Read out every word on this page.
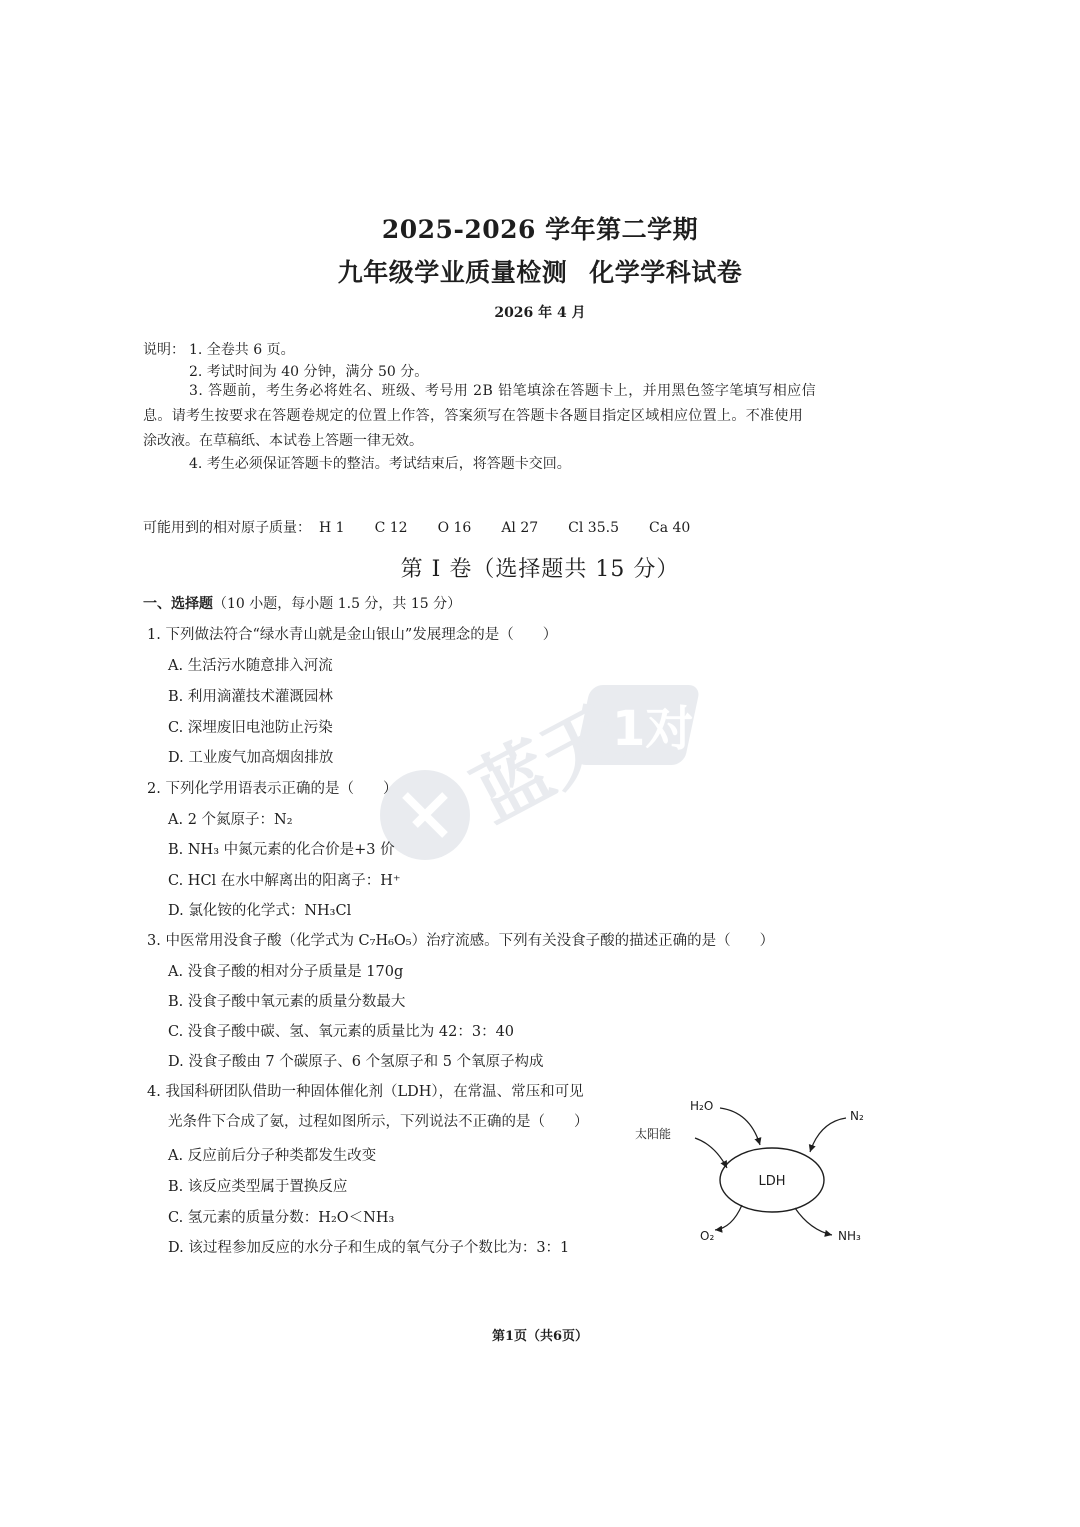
2025-2026 学年第二学期
九年级学业质量检测 化学学科试卷
2026 年 4 月
说明： 1. 全卷共 6 页。
2. 考试时间为 40 分钟，满分 50 分。
3. 答题前，考生务必将姓名、班级、考号用 2B 铅笔填涂在答题卡上，并用黑色签字笔填写相应信
息。请考生按要求在答题卷规定的位置上作答，答案须写在答题卡各题目指定区域相应位置上。不准使用
涂改液。在草稿纸、本试卷上答题一律无效。
4. 考生必须保证答题卡的整洁。考试结束后，将答题卡交回。
可能用到的相对原子质量： H 1 C 12 O 16 Al 27 Cl 35.5 Ca 40
第 I 卷（选择题共 15 分）
一、选择题（10 小题，每小题 1.5 分，共 15 分）
1. 下列做法符合“绿水青山就是金山银山”发展理念的是（　　）
A. 生活污水随意排入河流
B. 利用滴灌技术灌溉园林
C. 深埋废旧电池防止污染
D. 工业废气加高烟囱排放
2. 下列化学用语表示正确的是（　　）
A. 2 个氮原子：N₂
B. NH₃ 中氮元素的化合价是+3 价
C. HCl 在水中解离出的阳离子：H⁺
D. 氯化铵的化学式：NH₃Cl
3. 中医常用没食子酸（化学式为 C₇H₆O₅）治疗流感。下列有关没食子酸的描述正确的是（　　）
A. 没食子酸的相对分子质量是 170g
B. 没食子酸中氧元素的质量分数最大
C. 没食子酸中碳、氢、氧元素的质量比为 42：3：40
D. 没食子酸由 7 个碳原子、6 个氢原子和 5 个氧原子构成
4. 我国科研团队借助一种固体催化剂（LDH），在常温、常压和可见
光条件下合成了氨，过程如图所示，下列说法不正确的是（　　）
A. 反应前后分子种类都发生改变
B. 该反应类型属于置换反应
C. 氢元素的质量分数：H₂O＜NH₃
D. 该过程参加反应的水分子和生成的氧气分子个数比为：3：1
LDH
H₂O
N₂
太阳能
O₂	NH₃
1对1
蓝天
第1页（共6页）
